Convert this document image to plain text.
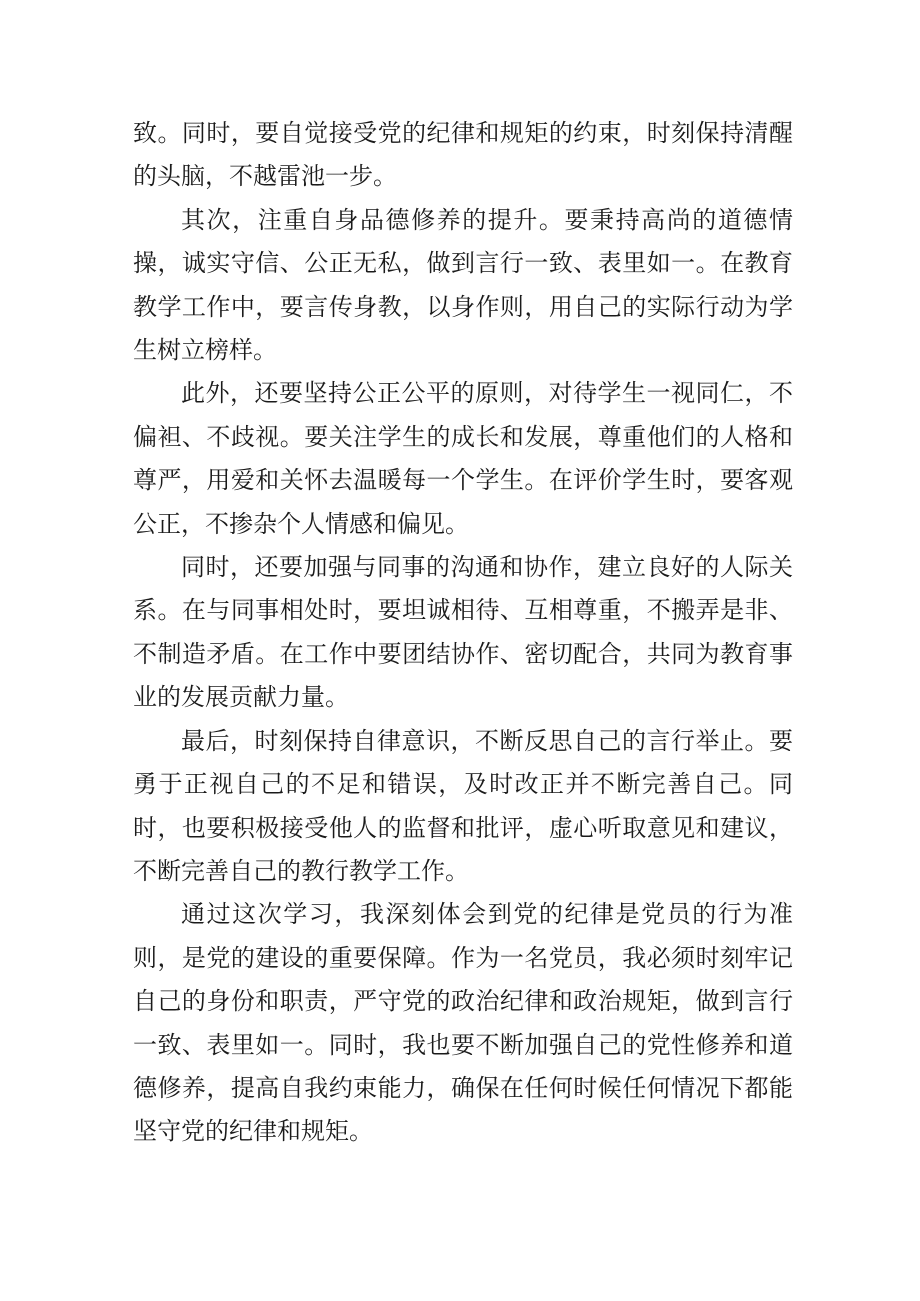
致。同时，要自觉接受党的纪律和规矩的约束，时刻保持清醒的头脑，不越雷池一步。

其次，注重自身品德修养的提升。要秉持高尚的道德情操，诚实守信、公正无私，做到言行一致、表里如一。在教育教学工作中，要言传身教，以身作则，用自己的实际行动为学生树立榜样。

此外，还要坚持公正公平的原则，对待学生一视同仁，不偏袒、不歧视。要关注学生的成长和发展，尊重他们的人格和尊严，用爱和关怀去温暖每一个学生。在评价学生时，要客观公正，不掺杂个人情感和偏见。

同时，还要加强与同事的沟通和协作，建立良好的人际关系。在与同事相处时，要坦诚相待、互相尊重，不搬弄是非、不制造矛盾。在工作中要团结协作、密切配合，共同为教育事业的发展贡献力量。

最后，时刻保持自律意识，不断反思自己的言行举止。要勇于正视自己的不足和错误，及时改正并不断完善自己。同时，也要积极接受他人的监督和批评，虚心听取意见和建议，不断完善自己的教行教学工作。

通过这次学习，我深刻体会到党的纪律是党员的行为准则，是党的建设的重要保障。作为一名党员，我必须时刻牢记自己的身份和职责，严守党的政治纪律和政治规矩，做到言行一致、表里如一。同时，我也要不断加强自己的党性修养和道德修养，提高自我约束能力，确保在任何时候任何情况下都能坚守党的纪律和规矩。
